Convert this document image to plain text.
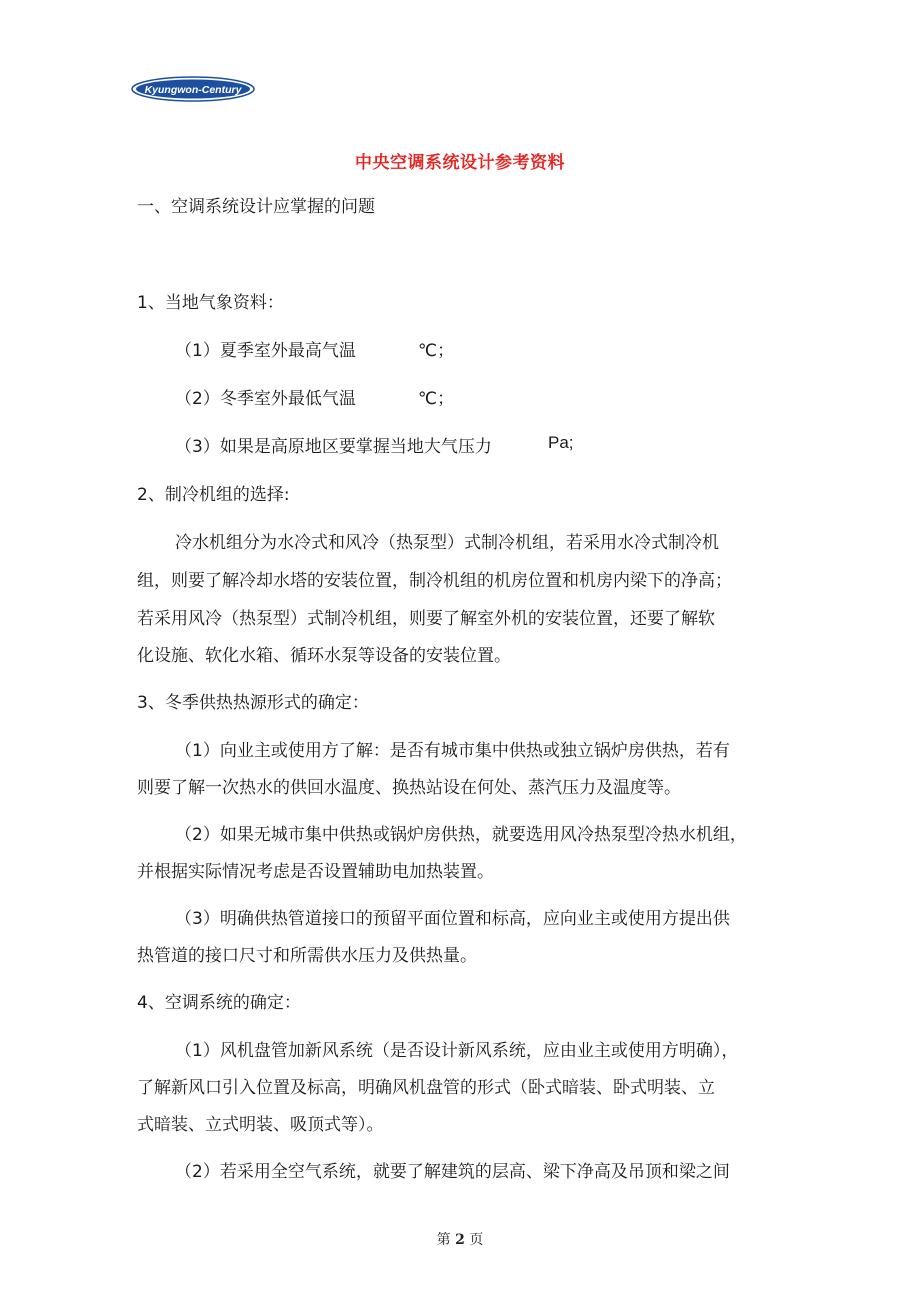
Kyungwon-Century
中央空调系统设计参考资料
一、空调系统设计应掌握的问题
1、当地气象资料：
（1）夏季室外最高气温	℃；
（2）冬季室外最低气温	℃；
（3）如果是高原地区要掌握当地大气压力	Pa;
2、制冷机组的选择:
冷水机组分为水冷式和风冷（热泵型）式制冷机组，若采用水冷式制冷机
组，则要了解冷却水塔的安装位置，制冷机组的机房位置和机房内梁下的净高；
若采用风冷（热泵型）式制冷机组，则要了解室外机的安装位置，还要了解软
化设施、软化水箱、循环水泵等设备的安装位置。
3、冬季供热热源形式的确定：
（1）向业主或使用方了解：是否有城市集中供热或独立锅炉房供热，若有
则要了解一次热水的供回水温度、换热站设在何处、蒸汽压力及温度等。
（2）如果无城市集中供热或锅炉房供热，就要选用风冷热泵型冷热水机组，
并根据实际情况考虑是否设置辅助电加热装置。
（3）明确供热管道接口的预留平面位置和标高，应向业主或使用方提出供
热管道的接口尺寸和所需供水压力及供热量。
4、空调系统的确定：
（1）风机盘管加新风系统（是否设计新风系统，应由业主或使用方明确），
了解新风口引入位置及标高，明确风机盘管的形式（卧式暗装、卧式明装、立
式暗装、立式明装、吸顶式等）。
（2）若采用全空气系统，就要了解建筑的层高、梁下净高及吊顶和梁之间
第 2 页
